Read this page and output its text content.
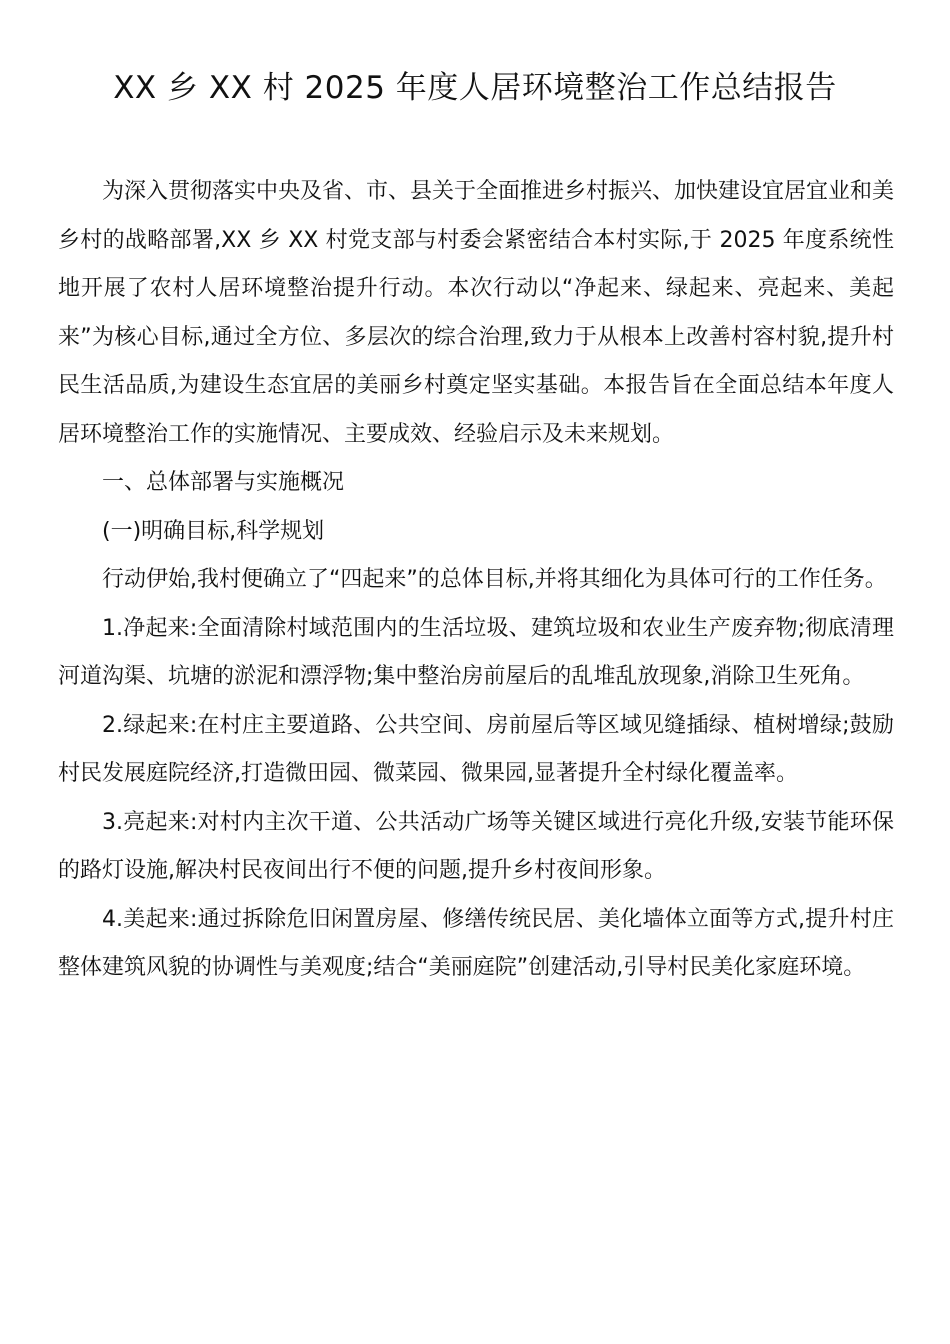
XX 乡 XX 村 2025 年度人居环境整治工作总结报告

为深入贯彻落实中央及省、市、县关于全面推进乡村振兴、加快建设宜居宜业和美乡村的战略部署,XX 乡 XX 村党支部与村委会紧密结合本村实际,于 2025 年度系统性地开展了农村人居环境整治提升行动。本次行动以“净起来、绿起来、亮起来、美起来”为核心目标,通过全方位、多层次的综合治理,致力于从根本上改善村容村貌,提升村民生活品质,为建设生态宜居的美丽乡村奠定坚实基础。本报告旨在全面总结本年度人居环境整治工作的实施情况、主要成效、经验启示及未来规划。

一、总体部署与实施概况

(一)明确目标,科学规划

行动伊始,我村便确立了“四起来”的总体目标,并将其细化为具体可行的工作任务。

1.净起来:全面清除村域范围内的生活垃圾、建筑垃圾和农业生产废弃物;彻底清理河道沟渠、坑塘的淤泥和漂浮物;集中整治房前屋后的乱堆乱放现象,消除卫生死角。

2.绿起来:在村庄主要道路、公共空间、房前屋后等区域见缝插绿、植树增绿;鼓励村民发展庭院经济,打造微田园、微菜园、微果园,显著提升全村绿化覆盖率。

3.亮起来:对村内主次干道、公共活动广场等关键区域进行亮化升级,安装节能环保的路灯设施,解决村民夜间出行不便的问题,提升乡村夜间形象。

4.美起来:通过拆除危旧闲置房屋、修缮传统民居、美化墙体立面等方式,提升村庄整体建筑风貌的协调性与美观度;结合“美丽庭院”创建活动,引导村民美化家庭环境。
